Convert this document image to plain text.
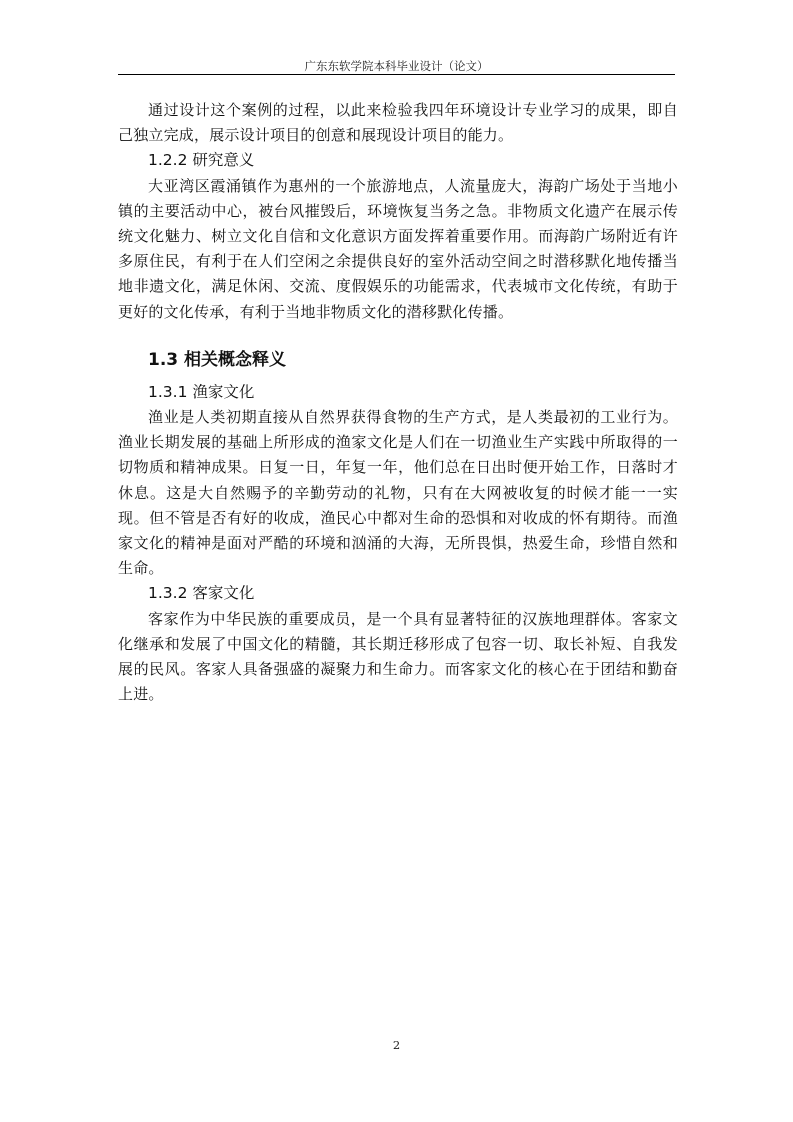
广东东软学院本科毕业设计（论文）

通过设计这个案例的过程，以此来检验我四年环境设计专业学习的成果，即自己独立完成，展示设计项目的创意和展现设计项目的能力。

1.2.2 研究意义

大亚湾区霞涌镇作为惠州的一个旅游地点，人流量庞大，海韵广场处于当地小镇的主要活动中心，被台风摧毁后，环境恢复当务之急。非物质文化遗产在展示传统文化魅力、树立文化自信和文化意识方面发挥着重要作用。而海韵广场附近有许多原住民，有利于在人们空闲之余提供良好的室外活动空间之时潜移默化地传播当地非遗文化，满足休闲、交流、度假娱乐的功能需求，代表城市文化传统，有助于更好的文化传承，有利于当地非物质文化的潜移默化传播。

1.3 相关概念释义
1.3.1 渔家文化

渔业是人类初期直接从自然界获得食物的生产方式，是人类最初的工业行为。渔业长期发展的基础上所形成的渔家文化是人们在一切渔业生产实践中所取得的一切物质和精神成果。日复一日，年复一年，他们总在日出时便开始工作，日落时才休息。这是大自然赐予的辛勤劳动的礼物，只有在大网被收复的时候才能一一实现。但不管是否有好的收成，渔民心中都对生命的恐惧和对收成的怀有期待。而渔家文化的精神是面对严酷的环境和汹涌的大海，无所畏惧，热爱生命，珍惜自然和生命。

1.3.2 客家文化

客家作为中华民族的重要成员，是一个具有显著特征的汉族地理群体。客家文化继承和发展了中国文化的精髓，其长期迁移形成了包容一切、取长补短、自我发展的民风。客家人具备强盛的凝聚力和生命力。而客家文化的核心在于团结和勤奋上进。

2
